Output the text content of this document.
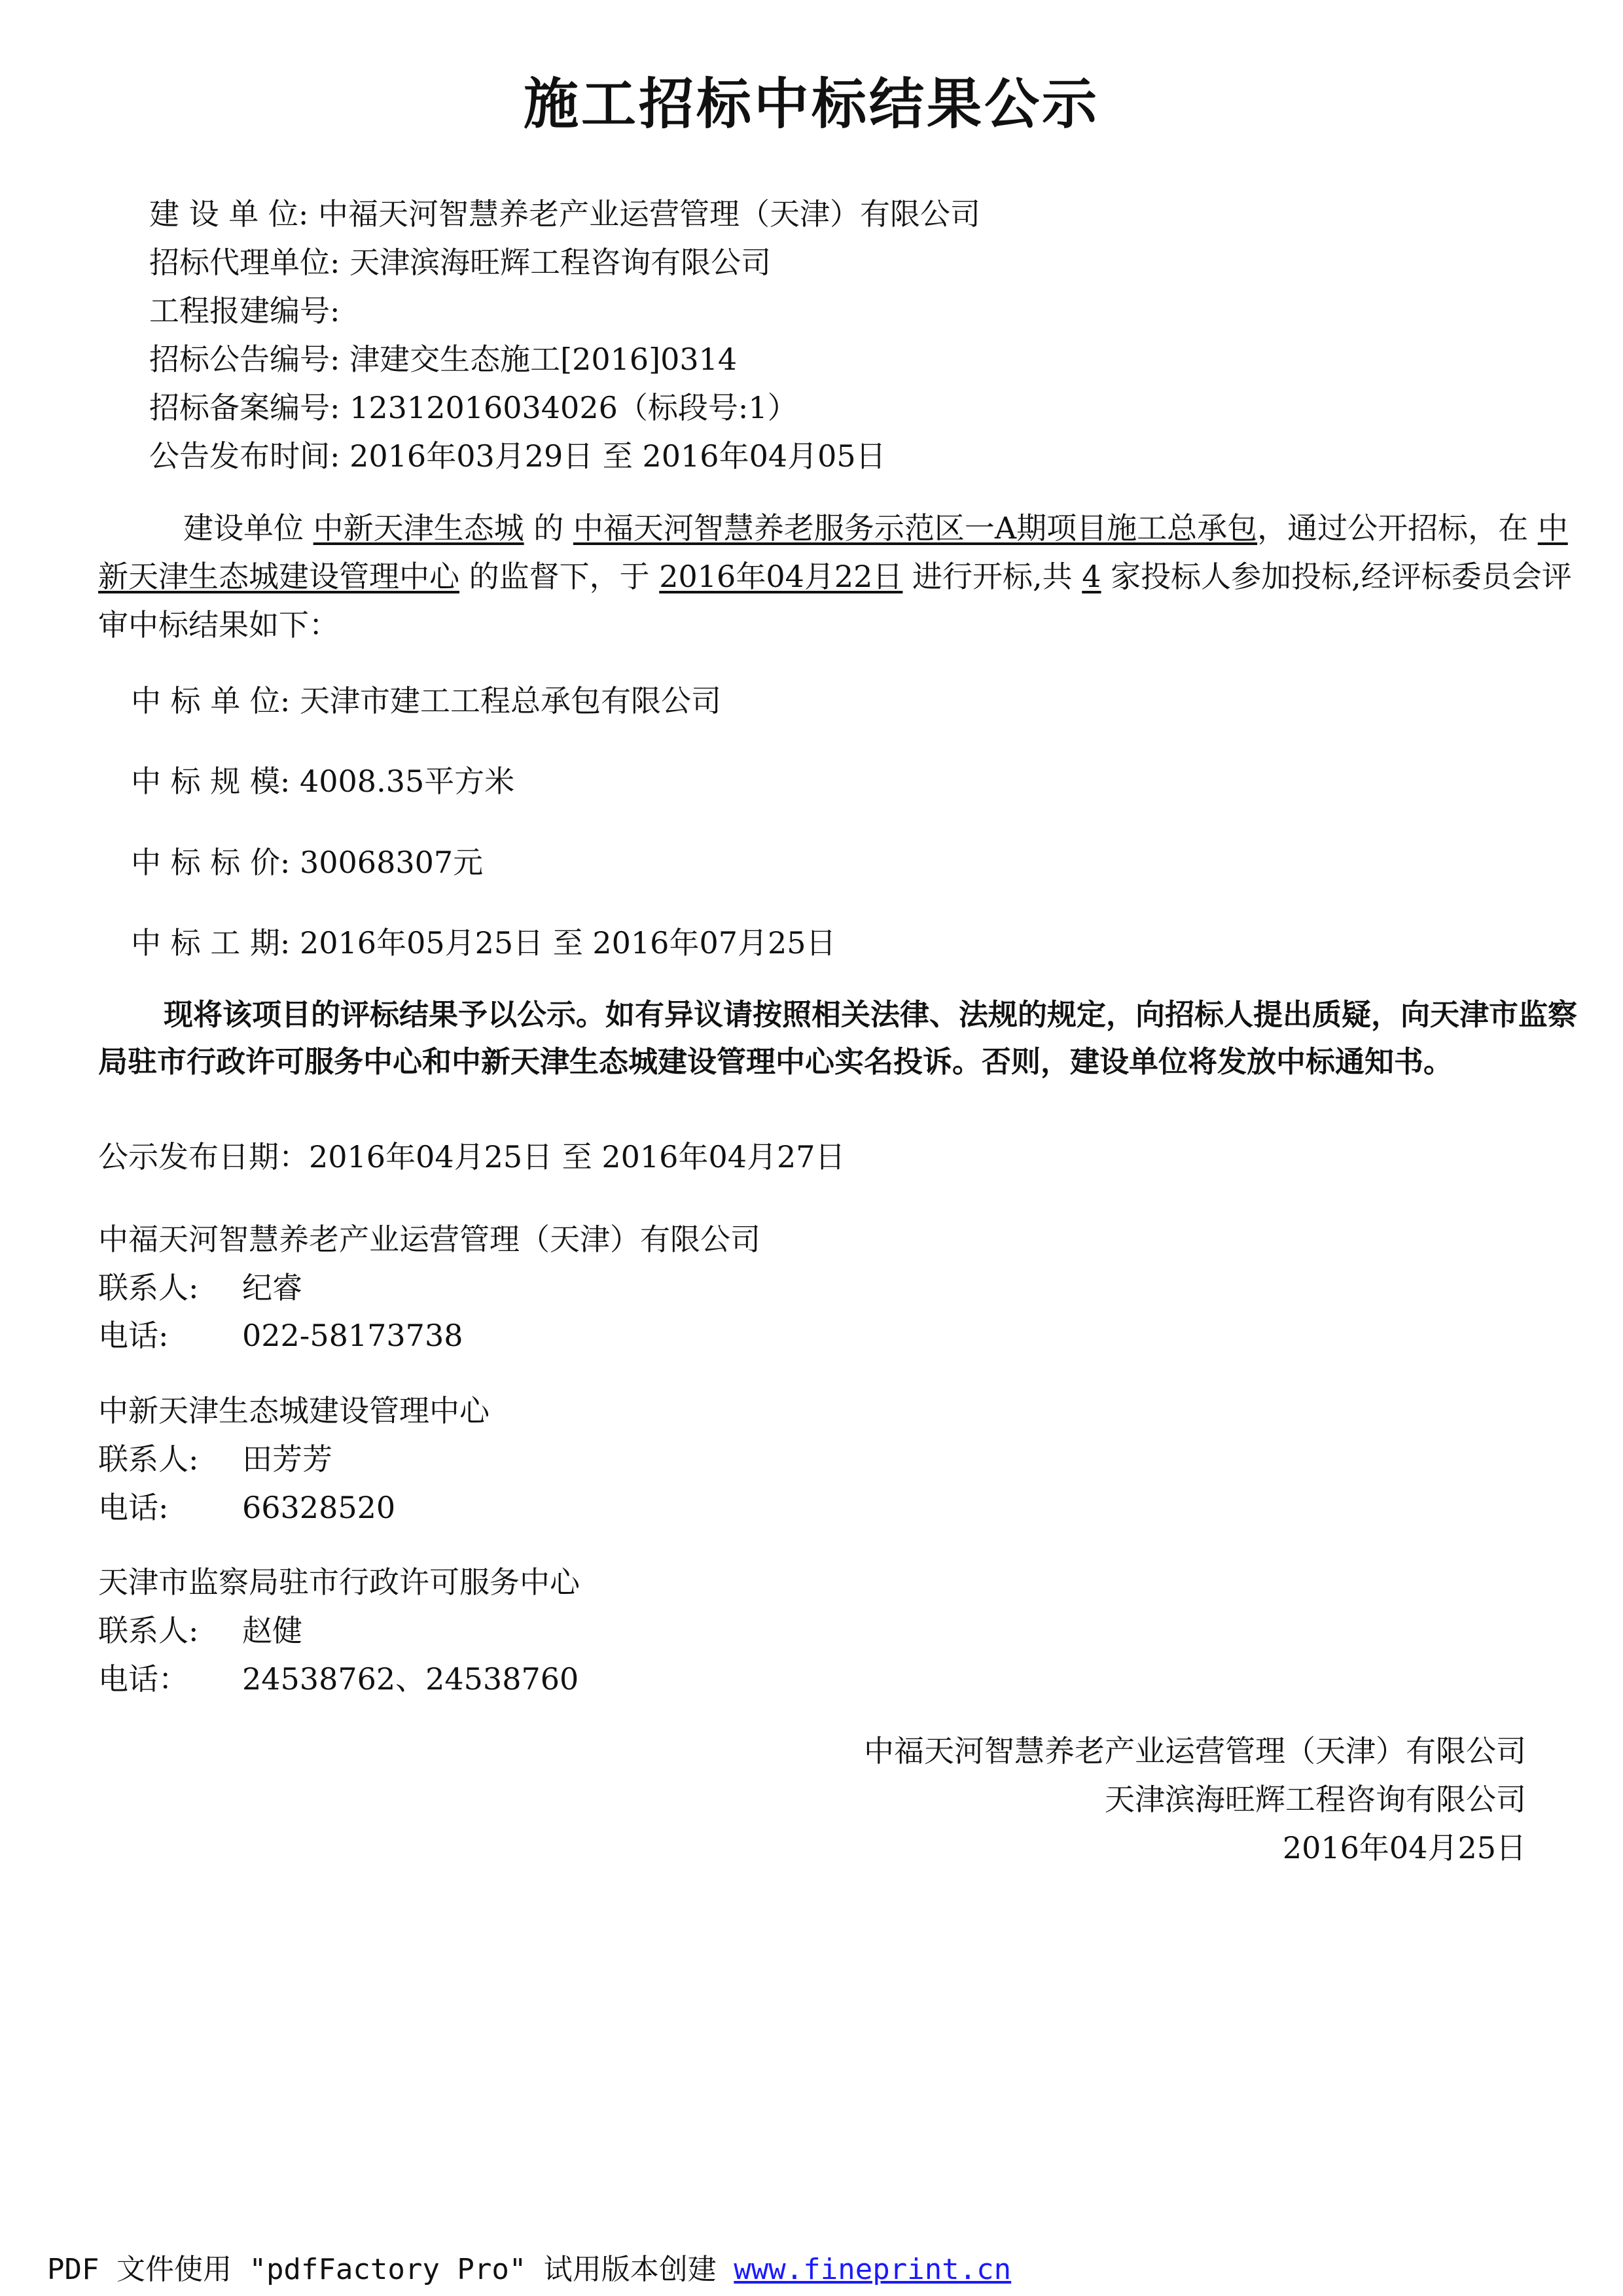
施工招标中标结果公示
建 设 单 位: 中福天河智慧养老产业运营管理（天津）有限公司
招标代理单位: 天津滨海旺辉工程咨询有限公司
工程报建编号:
招标公告编号: 津建交生态施工[2016]0314
招标备案编号: 12312016034026（标段号:1）
公告发布时间: 2016年03月29日 至 2016年04月05日
建设单位 中新天津生态城 的 中福天河智慧养老服务示范区一A期项目施工总承包，通过公开招标，在 中新天津生态城建设管理中心 的监督下，于 2016年04月22日 进行开标,共 4 家投标人参加投标,经评标委员会评审中标结果如下：
中 标 单 位: 天津市建工工程总承包有限公司
中 标 规 模: 4008.35平方米
中 标 标 价: 30068307元
中 标 工 期: 2016年05月25日 至 2016年07月25日
现将该项目的评标结果予以公示。如有异议请按照相关法律、法规的规定，向招标人提出质疑，向天津市监察局驻市行政许可服务中心和中新天津生态城建设管理中心实名投诉。否则，建设单位将发放中标通知书。
公示发布日期：2016年04月25日 至 2016年04月27日
中福天河智慧养老产业运营管理（天津）有限公司
联系人: 纪睿
电话: 022-58173738
中新天津生态城建设管理中心
联系人: 田芳芳
电话: 66328520
天津市监察局驻市行政许可服务中心
联系人: 赵健
电话： 24538762、24538760
中福天河智慧养老产业运营管理（天津）有限公司
天津滨海旺辉工程咨询有限公司
2016年04月25日
PDF 文件使用 "pdfFactory Pro" 试用版本创建 www.fineprint.cn
